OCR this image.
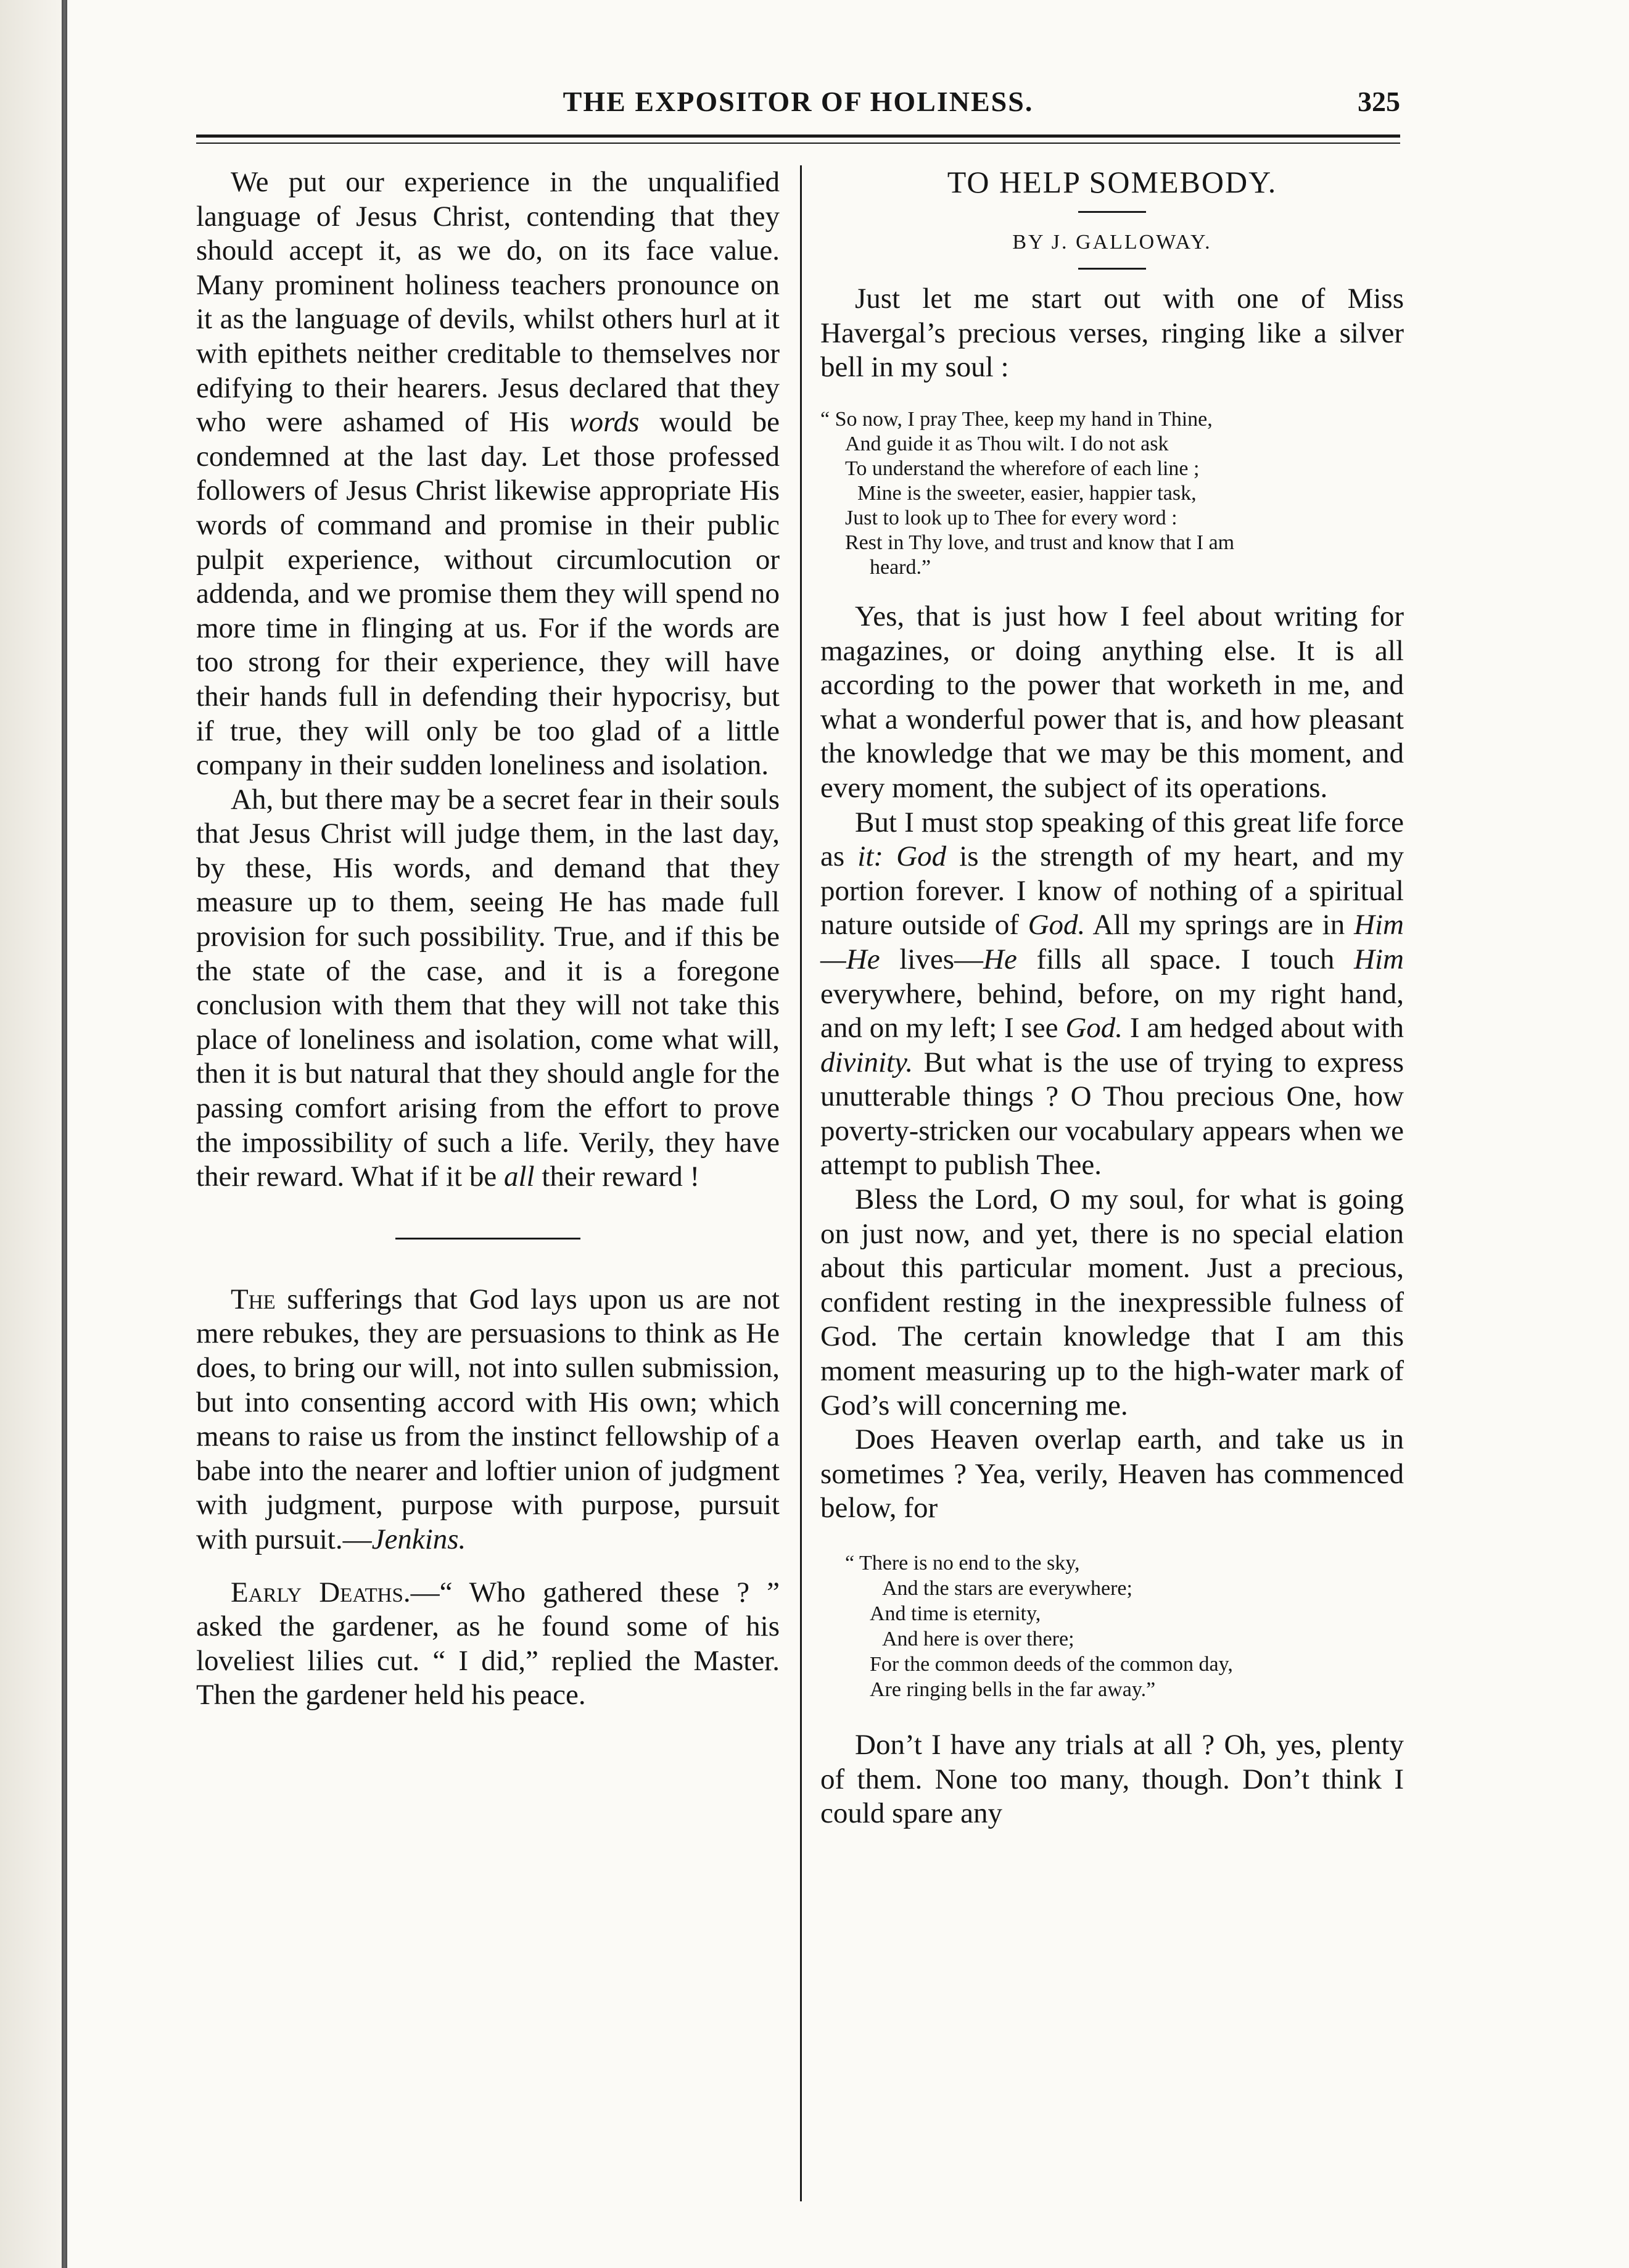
THE EXPOSITOR OF HOLINESS.	325

We put our experience in the unqualified language of Jesus Christ, contending that they should accept it, as we do, on its face value. Many prominent holiness teachers pronounce on it as the language of devils, whilst others hurl at it with epithets neither creditable to themselves nor edifying to their hearers. Jesus declared that they who were ashamed of His words would be condemned at the last day. Let those professed followers of Jesus Christ likewise appropriate His words of command and promise in their public pulpit experience, without circumlocution or addenda, and we promise them they will spend no more time in flinging at us. For if the words are too strong for their experience, they will have their hands full in defending their hypocrisy, but if true, they will only be too glad of a little company in their sudden loneliness and isolation.

Ah, but there may be a secret fear in their souls that Jesus Christ will judge them, in the last day, by these, His words, and demand that they measure up to them, seeing He has made full provision for such possibility. True, and if this be the state of the case, and it is a foregone conclusion with them that they will not take this place of loneliness and isolation, come what will, then it is but natural that they should angle for the passing comfort arising from the effort to prove the impossibility of such a life. Verily, they have their reward. What if it be all their reward !

The sufferings that God lays upon us are not mere rebukes, they are persuasions to think as He does, to bring our will, not into sullen submission, but into consenting accord with His own; which means to raise us from the instinct fellowship of a babe into the nearer and loftier union of judgment with judgment, purpose with purpose, pursuit with pursuit.—Jenkins.

Early Deaths.—“ Who gathered these ? ” asked the gardener, as he found some of his loveliest lilies cut. “ I did,” replied the Master. Then the gardener held his peace.

TO HELP SOMEBODY.
BY J. GALLOWAY.

Just let me start out with one of Miss Havergal’s precious verses, ringing like a silver bell in my soul :

“ So now, I pray Thee, keep my hand in Thine,
And guide it as Thou wilt. I do not ask
To understand the wherefore of each line ;
Mine is the sweeter, easier, happier task,
Just to look up to Thee for every word :
Rest in Thy love, and trust and know that I am
heard.”

Yes, that is just how I feel about writing for magazines, or doing anything else. It is all according to the power that worketh in me, and what a wonderful power that is, and how pleasant the knowledge that we may be this moment, and every moment, the subject of its operations.

But I must stop speaking of this great life force as it: God is the strength of my heart, and my portion forever. I know of nothing of a spiritual nature outside of God. All my springs are in Him—He lives—He fills all space. I touch Him everywhere, behind, before, on my right hand, and on my left; I see God. I am hedged about with divinity. But what is the use of trying to express unutterable things ? O Thou precious One, how poverty-stricken our vocabulary appears when we attempt to publish Thee.

Bless the Lord, O my soul, for what is going on just now, and yet, there is no special elation about this particular moment. Just a precious, confident resting in the inexpressible fulness of God. The certain knowledge that I am this moment measuring up to the high-water mark of God’s will concerning me.

Does Heaven overlap earth, and take us in sometimes ? Yea, verily, Heaven has commenced below, for

“ There is no end to the sky,
And the stars are everywhere;
And time is eternity,
And here is over there;
For the common deeds of the common day,
Are ringing bells in the far away.”

Don’t I have any trials at all ? Oh, yes, plenty of them. None too many, though. Don’t think I could spare any
